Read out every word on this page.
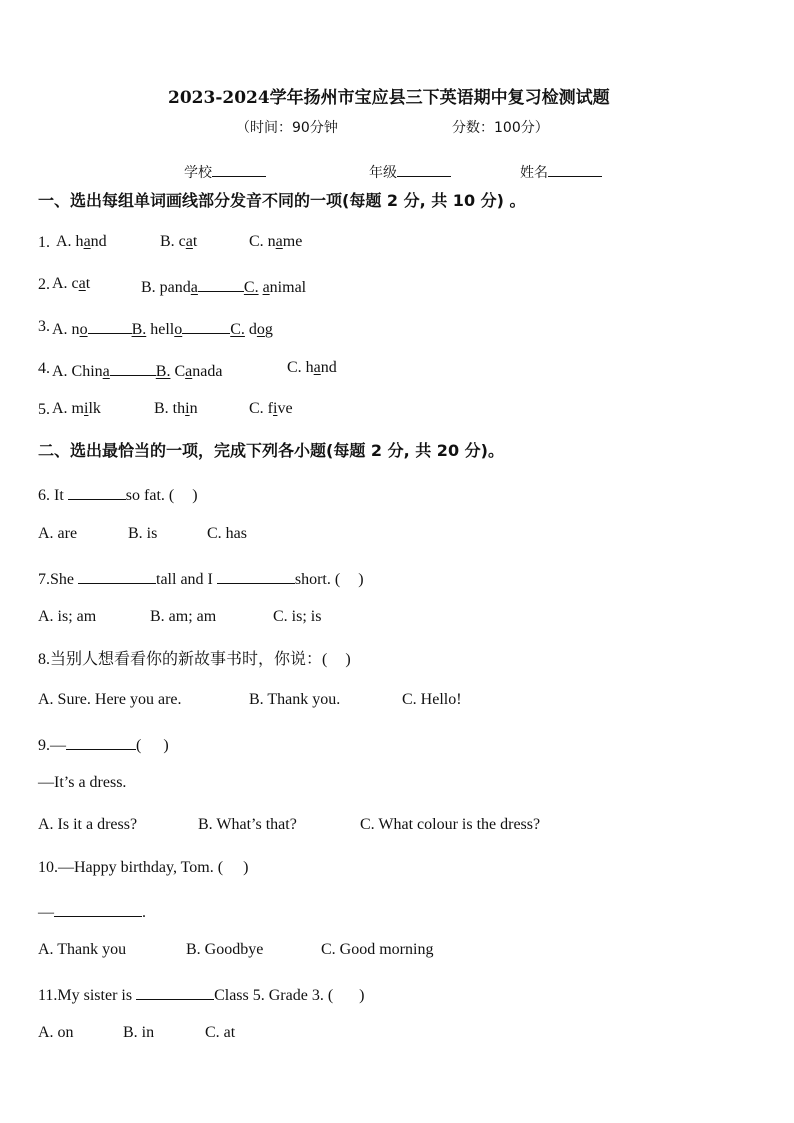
2023-2024学年扬州市宝应县三下英语期中复习检测试题
（时间：90分钟	分数：100分）
学校	年级	姓名
一、选出每组单词画线部分发音不同的一项(每题 2 分, 共 10 分) 。
1. A. hand	B. cat	C. name
2. A. cat	B. panda	C. animal
3. A. no	B. hello	C. dog
4. A. China	B. Canada	C. hand
5. A. milk	B. thin	C. five
二、选出最恰当的一项，完成下列各小题(每题 2 分, 共 20 分)。
6. It	so fat. ( )
A. are	B. is	C. has
7.She	tall and I	short. ( )
A. is; am	B. am; am	C. is; is
8.当别人想看看你的新故事书时，你说：( )
A. Sure. Here you are.	B. Thank you.	C. Hello!
9.—	( )
—It’s a dress.
A. Is it a dress?	B. What’s that?	C. What colour is the dress?
10.—Happy birthday, Tom. ( )
—	.
A. Thank you	B. Goodbye	C. Good morning
11.My sister is	Class 5. Grade 3. ( )
A. on	B. in	C. at
